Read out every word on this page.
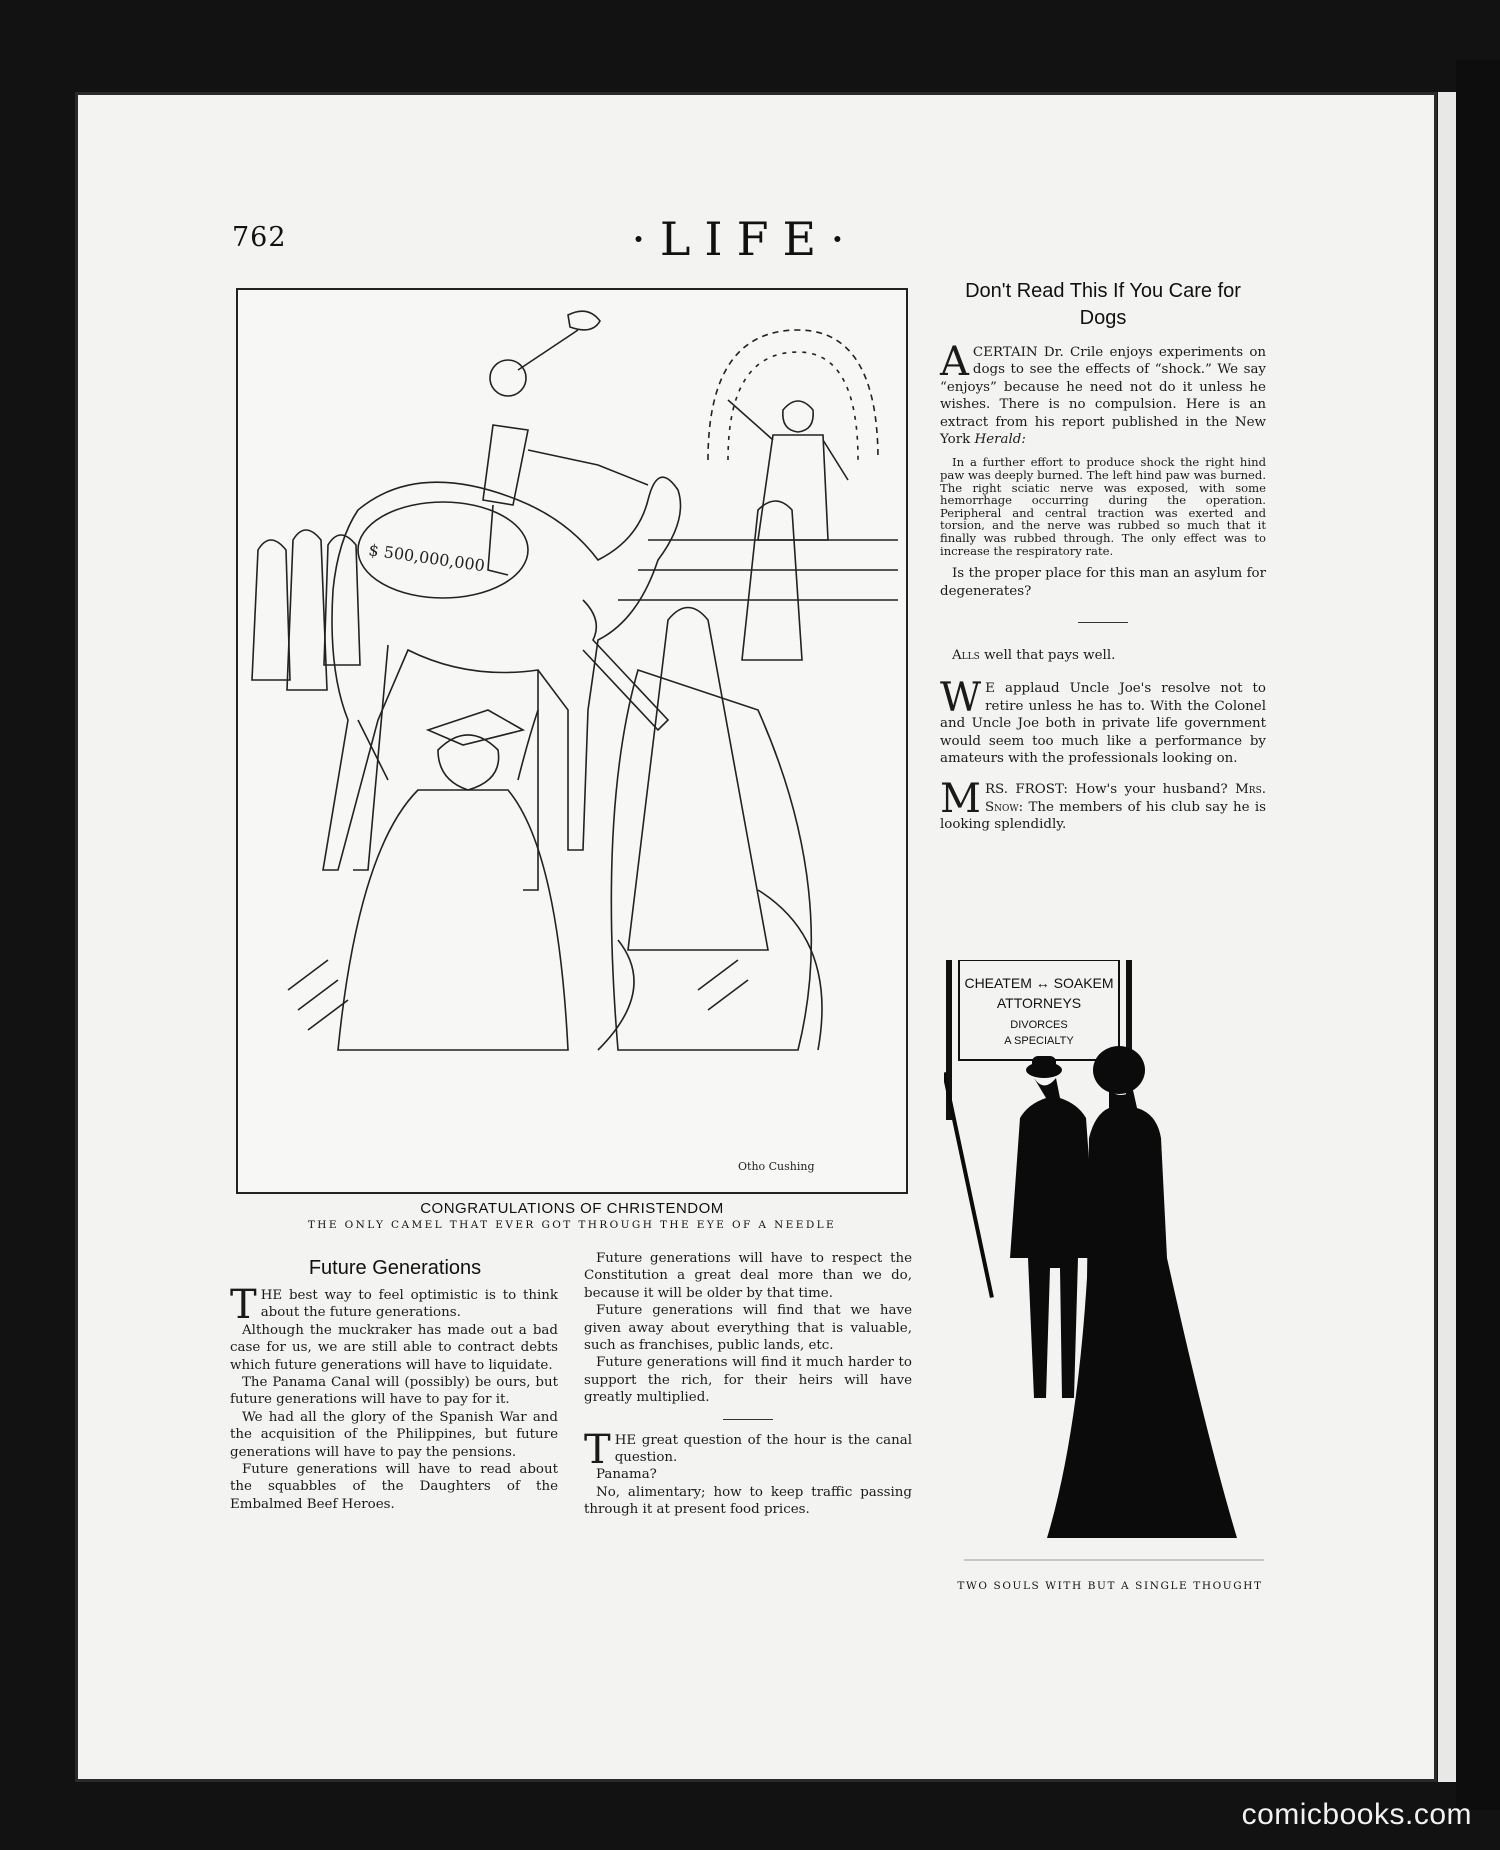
762	·LIFE·
$ 500,000,000
Otho Cushing
CONGRATULATIONS OF CHRISTENDOM
THE ONLY CAMEL THAT EVER GOT THROUGH THE EYE OF A NEEDLE
Future Generations

THE best way to feel optimistic is to think about the future generations.

Although the muckraker has made out a bad case for us, we are still able to contract debts which future generations will have to liquidate.

The Panama Canal will (possibly) be ours, but future generations will have to pay for it.

We had all the glory of the Spanish War and the acquisition of the Philippines, but future generations will have to pay the pensions.

Future generations will have to read about the squabbles of the Daughters of the Embalmed Beef Heroes.

Future generations will have to respect the Constitution a great deal more than we do, because it will be older by that time.

Future generations will find that we have given away about everything that is valuable, such as franchises, public lands, etc.

Future generations will find it much harder to support the rich, for their heirs will have greatly multiplied.

THE great question of the hour is the canal question.

Panama?

No, alimentary; how to keep traffic passing through it at present food prices.

Don't Read This If You Care for Dogs

ACERTAIN Dr. Crile enjoys experiments on dogs to see the effects of “shock.” We say “enjoys” because he need not do it unless he wishes. There is no compulsion. Here is an extract from his report published in the New York Herald:

In a further effort to produce shock the right hind paw was deeply burned. The left hind paw was burned. The right sciatic nerve was exposed, with some hemorrhage occurring during the operation. Peripheral and central traction was exerted and torsion, and the nerve was rubbed so much that it finally was rubbed through. The only effect was to increase the respiratory rate.

Is the proper place for this man an asylum for degenerates?

Alls well that pays well.

W E applaud Uncle Joe's resolve not to retire unless he has to. With the Colonel and Uncle Joe both in private life government would seem too much like a performance by amateurs with the professionals looking on.

MRS. FROST: How's your husband? Mrs. Snow: The members of his club say he is looking splendidly.

CHEATEM ↔ SOAKEM
ATTORNEYS
DIVORCES
A SPECIALTY
TWO SOULS WITH BUT A SINGLE THOUGHT
comicbooks.com
